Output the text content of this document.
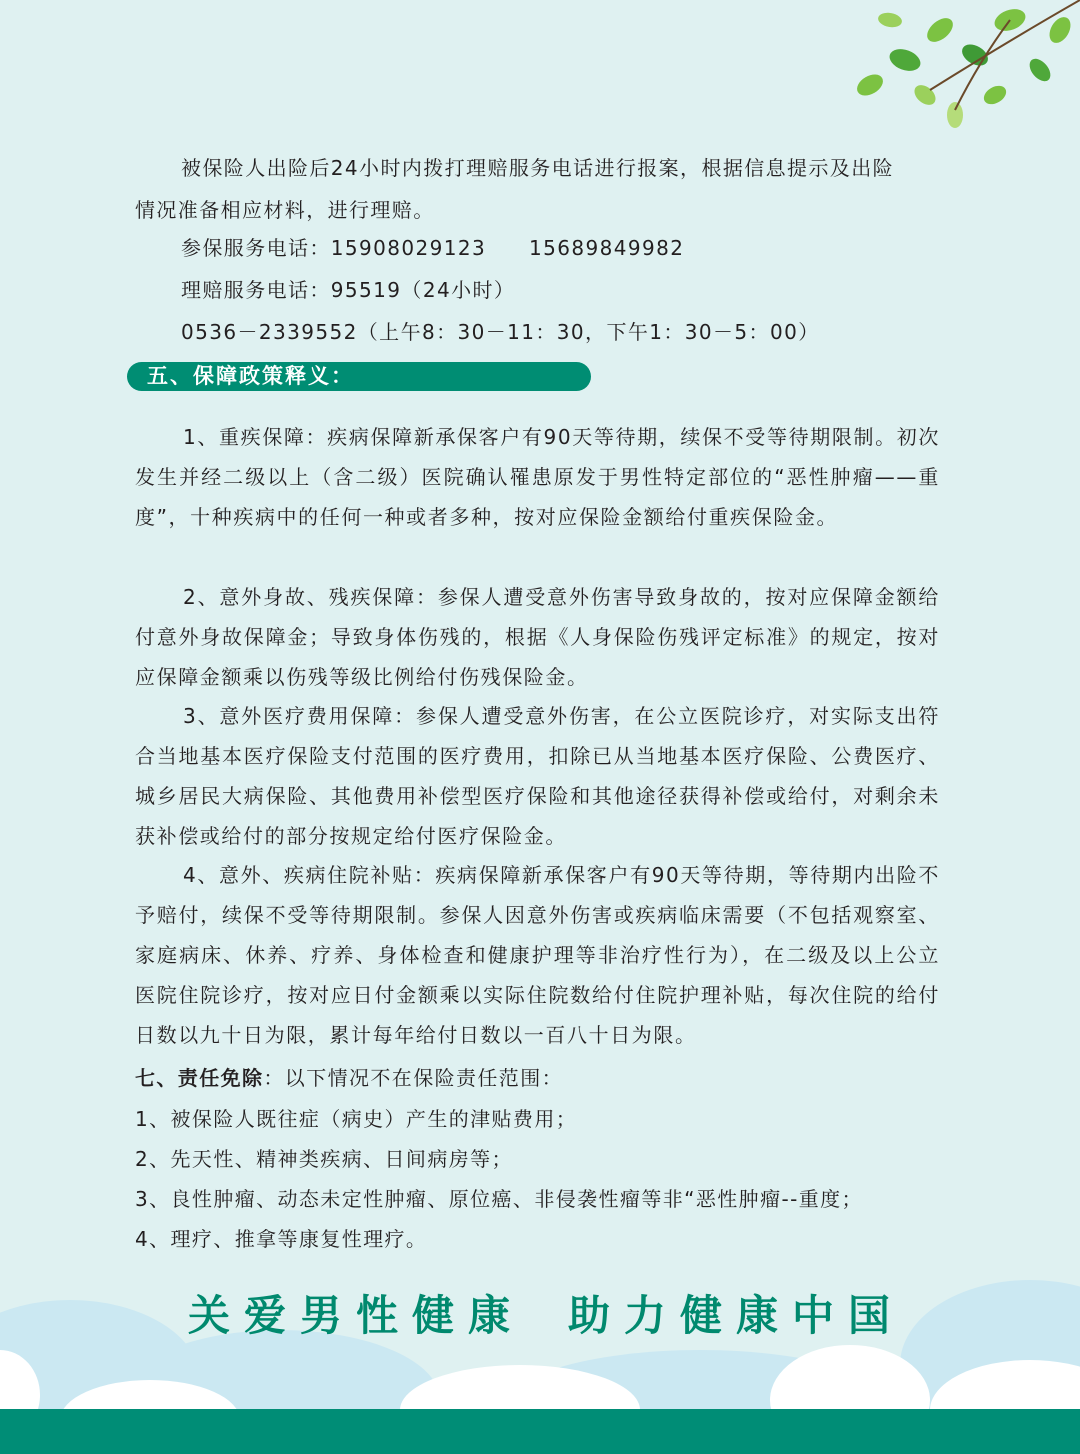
被保险人出险后24小时内拨打理赔服务电话进行报案，根据信息提示及出险情况准备相应材料，进行理赔。
参保服务电话：15908029123　　15689849982
理赔服务电话：95519（24小时）
0536－2339552（上午8：30－11：30，下午1：30－5：00）
五、保障政策释义：
1、重疾保障：疾病保障新承保客户有90天等待期，续保不受等待期限制。初次发生并经二级以上（含二级）医院确认罹患原发于男性特定部位的“恶性肿瘤——重度”，十种疾病中的任何一种或者多种，按对应保险金额给付重疾保险金。
2、意外身故、残疾保障：参保人遭受意外伤害导致身故的，按对应保障金额给付意外身故保障金；导致身体伤残的，根据《人身保险伤残评定标准》的规定，按对应保障金额乘以伤残等级比例给付伤残保险金。
3、意外医疗费用保障：参保人遭受意外伤害，在公立医院诊疗，对实际支出符合当地基本医疗保险支付范围的医疗费用，扣除已从当地基本医疗保险、公费医疗、城乡居民大病保险、其他费用补偿型医疗保险和其他途径获得补偿或给付，对剩余未获补偿或给付的部分按规定给付医疗保险金。
4、意外、疾病住院补贴：疾病保障新承保客户有90天等待期，等待期内出险不予赔付，续保不受等待期限制。参保人因意外伤害或疾病临床需要（不包括观察室、家庭病床、休养、疗养、身体检查和健康护理等非治疗性行为），在二级及以上公立医院住院诊疗，按对应日付金额乘以实际住院数给付住院护理补贴，每次住院的给付日数以九十日为限，累计每年给付日数以一百八十日为限。
七、责任免除：以下情况不在保险责任范围：
1、被保险人既往症（病史）产生的津贴费用；
2、先天性、精神类疾病、日间病房等；
3、良性肿瘤、动态未定性肿瘤、原位癌、非侵袭性瘤等非“恶性肿瘤--重度；
4、理疗、推拿等康复性理疗。
关爱男性健康 助力健康中国
